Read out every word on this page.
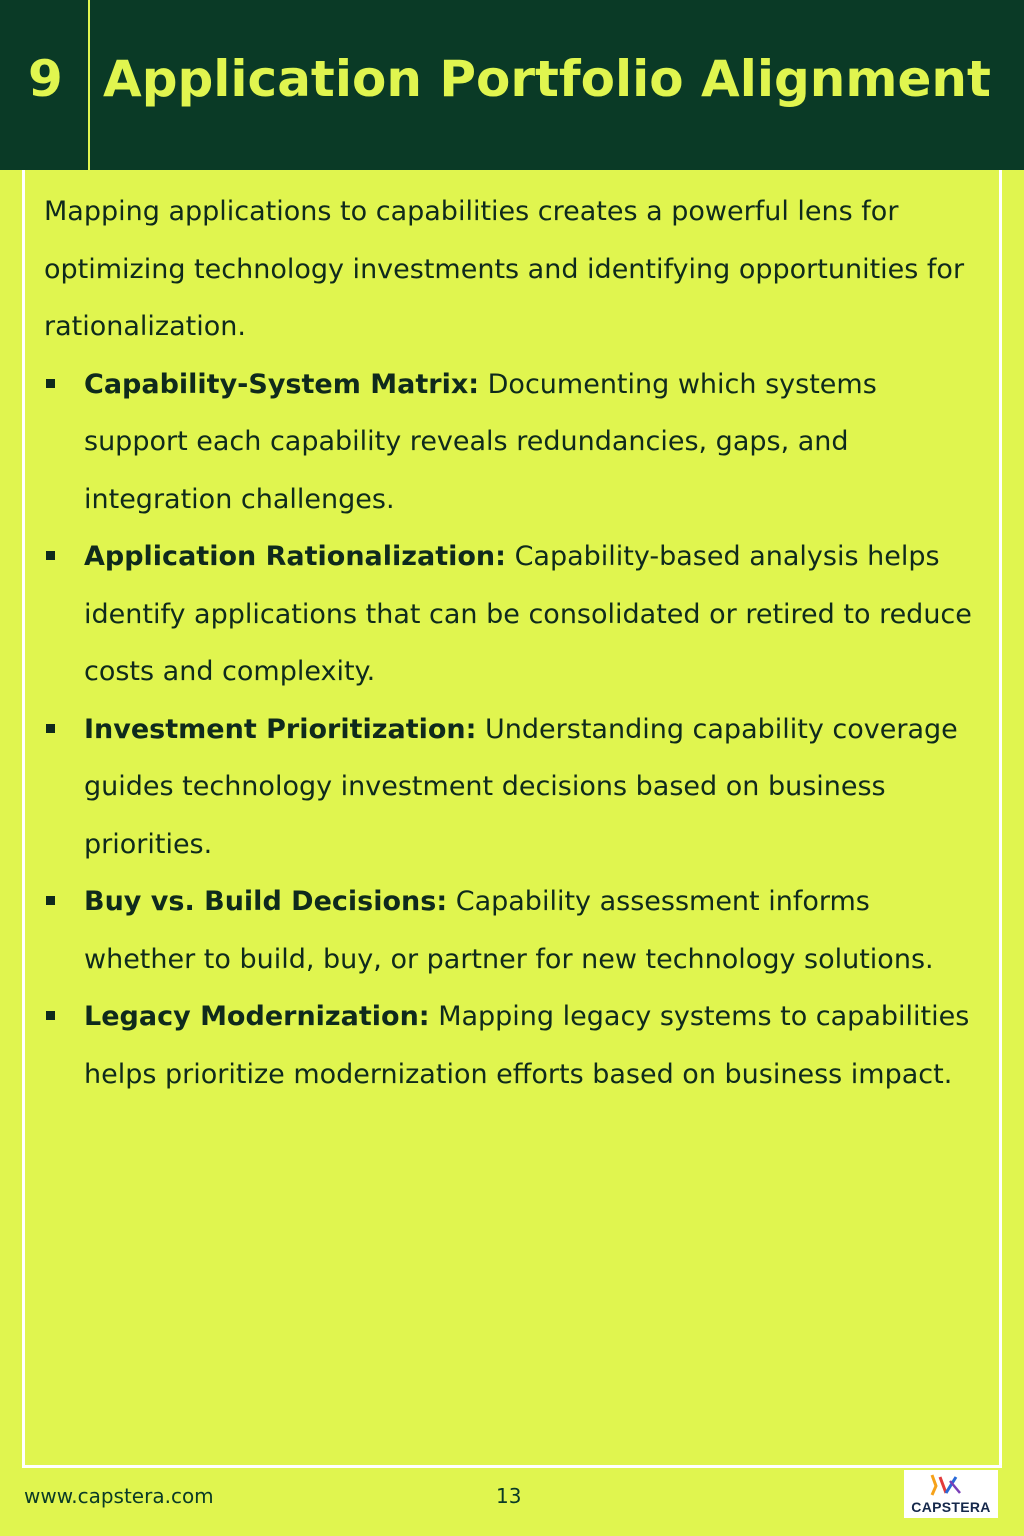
9 Application Portfolio Alignment

Mapping applications to capabilities creates a powerful lens for optimizing technology investments and identifying opportunities for rationalization.

Capability-System Matrix: Documenting which systems support each capability reveals redundancies, gaps, and integration challenges.
Application Rationalization: Capability-based analysis helps identify applications that can be consolidated or retired to reduce costs and complexity.
Investment Prioritization: Understanding capability coverage guides technology investment decisions based on business priorities.
Buy vs. Build Decisions: Capability assessment informs whether to build, buy, or partner for new technology solutions.
Legacy Modernization: Mapping legacy systems to capabilities helps prioritize modernization efforts based on business impact.
www.capstera.com	13	CAPSTERA
